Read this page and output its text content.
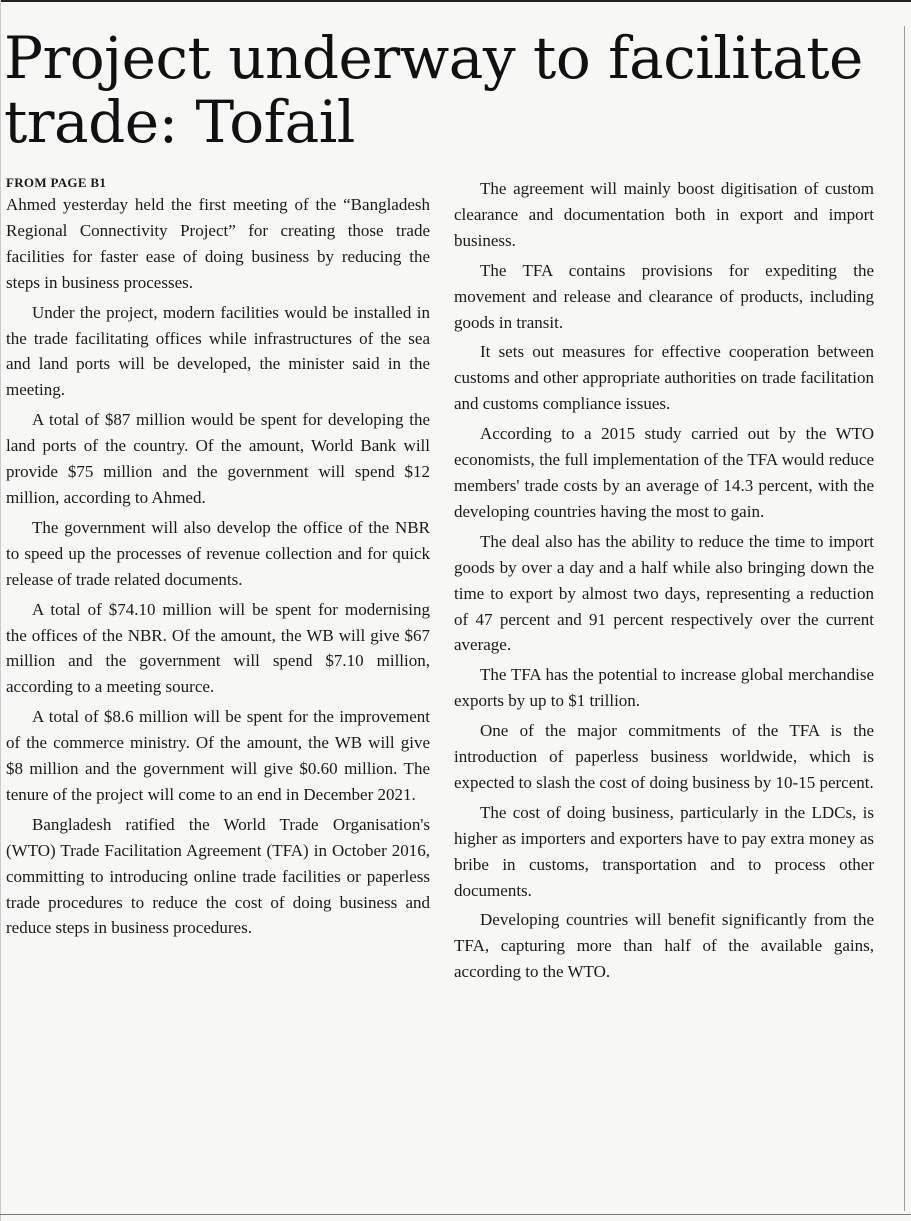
Project underway to facilitate trade: Tofail
FROM PAGE B1

Ahmed yesterday held the first meeting of the “Bangladesh Regional Connectivity Project” for creating those trade facilities for faster ease of doing business by reducing the steps in business processes.

Under the project, modern facilities would be installed in the trade facilitating offices while infrastructures of the sea and land ports will be developed, the minister said in the meeting.

A total of $87 million would be spent for developing the land ports of the country. Of the amount, World Bank will provide $75 million and the government will spend $12 million, according to Ahmed.

The government will also develop the office of the NBR to speed up the processes of revenue collection and for quick release of trade related documents.

A total of $74.10 million will be spent for modernising the offices of the NBR. Of the amount, the WB will give $67 million and the government will spend $7.10 million, according to a meeting source.

A total of $8.6 million will be spent for the improvement of the commerce ministry. Of the amount, the WB will give $8 million and the government will give $0.60 million. The tenure of the project will come to an end in December 2021.

Bangladesh ratified the World Trade Organisation's (WTO) Trade Facilitation Agreement (TFA) in October 2016, committing to introducing online trade facilities or paperless trade procedures to reduce the cost of doing business and reduce steps in business procedures.

The agreement will mainly boost digitisation of custom clearance and documentation both in export and import business.

The TFA contains provisions for expediting the movement and release and clearance of products, including goods in transit.

It sets out measures for effective cooperation between customs and other appropriate authorities on trade facilitation and customs compliance issues.

According to a 2015 study carried out by the WTO economists, the full implementation of the TFA would reduce members' trade costs by an average of 14.3 percent, with the developing countries having the most to gain.

The deal also has the ability to reduce the time to import goods by over a day and a half while also bringing down the time to export by almost two days, representing a reduction of 47 percent and 91 percent respectively over the current average.

The TFA has the potential to increase global merchandise exports by up to $1 trillion.

One of the major commitments of the TFA is the introduction of paperless business worldwide, which is expected to slash the cost of doing business by 10-15 percent.

The cost of doing business, particularly in the LDCs, is higher as importers and exporters have to pay extra money as bribe in customs, transportation and to process other documents.

Developing countries will benefit significantly from the TFA, capturing more than half of the available gains, according to the WTO.
